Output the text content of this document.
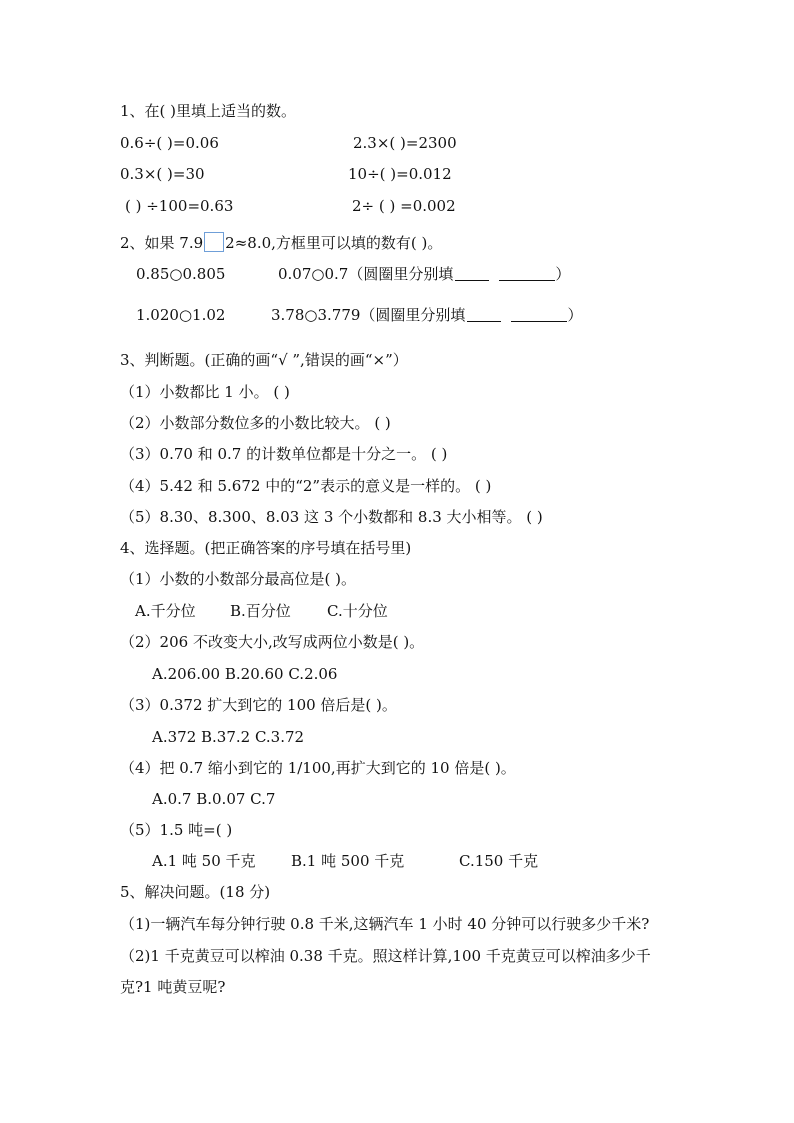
1、在( )里填上适当的数。
0.6÷( )=0.06	2.3×( )=2300
0.3×( )=30	10÷( )=0.012
( ) ÷100=0.63	2÷ ( ) =0.002
2、如果 7.9 2≈8.0,方框里可以填的数有( )。
0.85○0.805	0.07○0.7（圆圈里分别填	）
1.020○1.02	3.78○3.779（圆圈里分别填	）
3、判断题。(正确的画“√ ”,错误的画“×”）
（1）小数都比 1 小。 ( )
（2）小数部分数位多的小数比较大。 ( )
（3）0.70 和 0.7 的计数单位都是十分之一。 ( )
（4）5.42 和 5.672 中的“2”表示的意义是一样的。 ( )
（5）8.30、8.300、8.03 这 3 个小数都和 8.3 大小相等。 ( )
4、选择题。(把正确答案的序号填在括号里)
（1）小数的小数部分最高位是( )。
A.千分位 B.百分位 C.十分位
（2）206 不改变大小,改写成两位小数是( )。
A.206.00 B.20.60 C.2.06
（3）0.372 扩大到它的 100 倍后是( )。
A.372 B.37.2 C.3.72
（4）把 0.7 缩小到它的 1/100,再扩大到它的 10 倍是( )。
A.0.7 B.0.07 C.7
（5）1.5 吨=( )
A.1 吨 50 千克 B.1 吨 500 千克	C.150 千克
5、解决问题。(18 分)
（1)一辆汽车每分钟行驶 0.8 千米,这辆汽车 1 小时 40 分钟可以行驶多少千米?
（2)1 千克黄豆可以榨油 0.38 千克。照这样计算,100 千克黄豆可以榨油多少千
克?1 吨黄豆呢?
